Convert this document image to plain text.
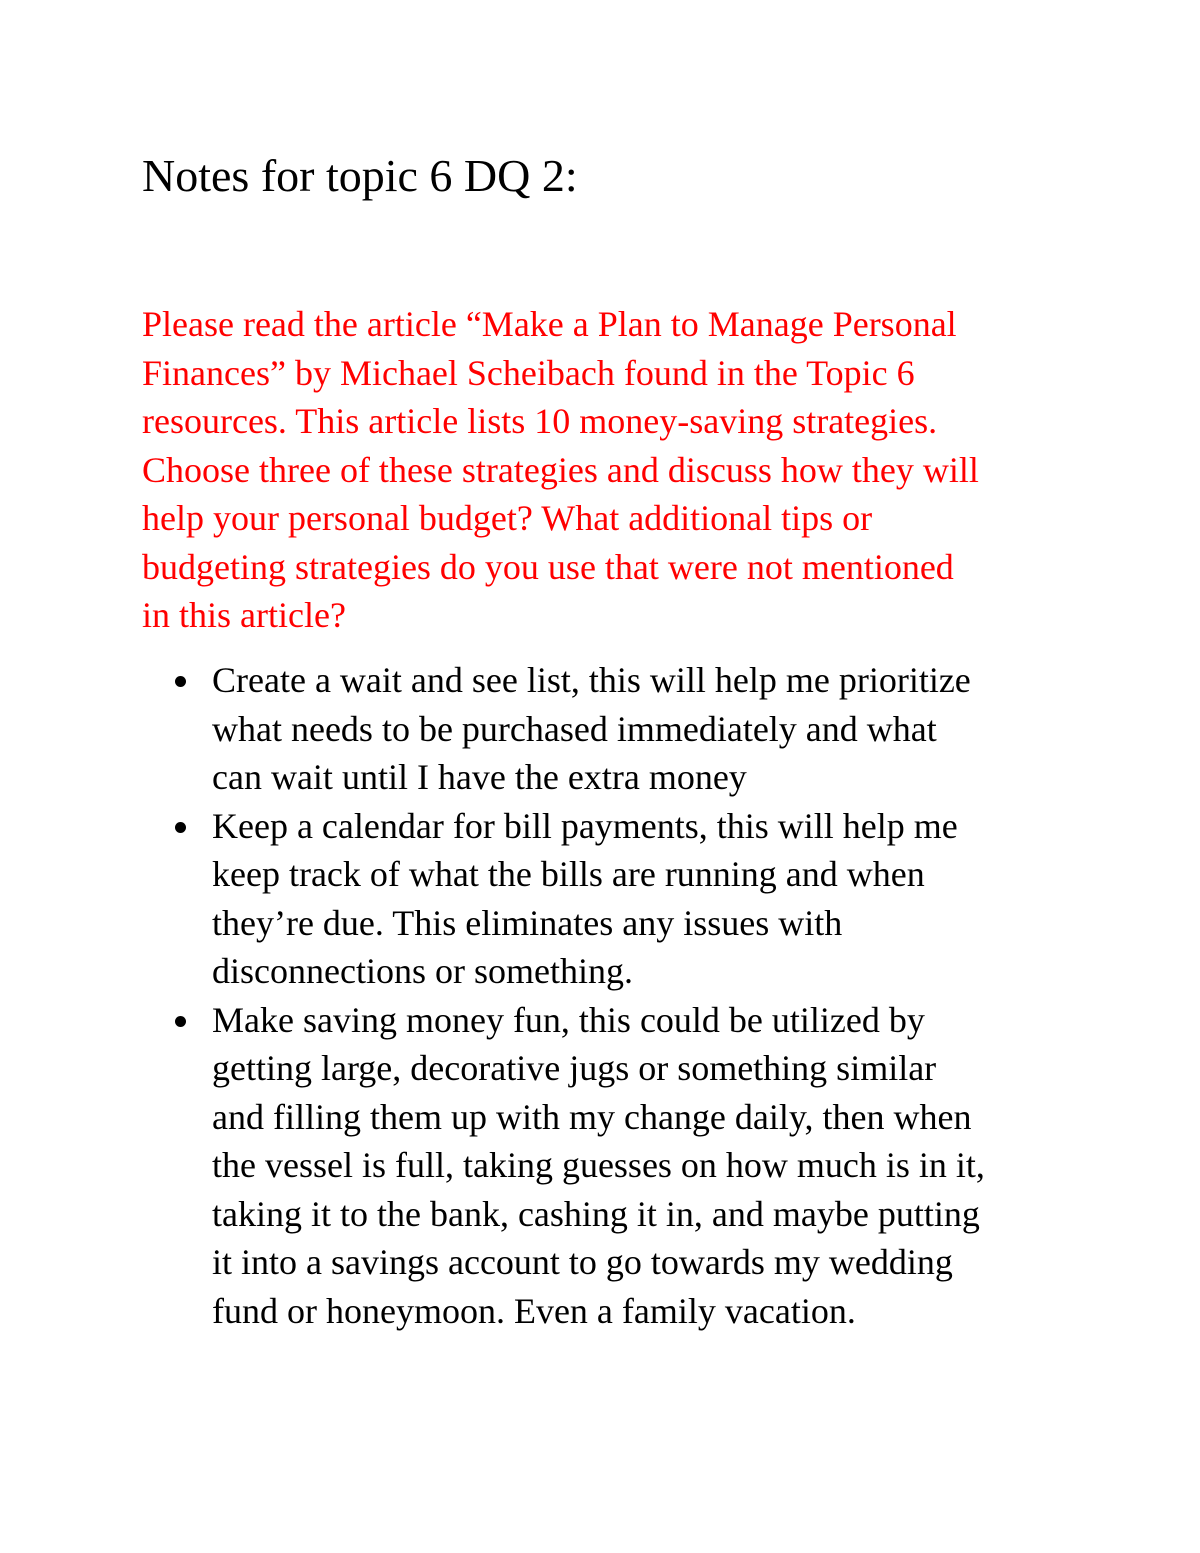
Notes for topic 6 DQ 2:

Please read the article “Make a Plan to Manage Personal
Finances” by Michael Scheibach found in the Topic 6
resources. This article lists 10 money-saving strategies.
Choose three of these strategies and discuss how they will
help your personal budget? What additional tips or
budgeting strategies do you use that were not mentioned
in this article?

Create a wait and see list, this will help me prioritize
what needs to be purchased immediately and what
can wait until I have the extra money
Keep a calendar for bill payments, this will help me
keep track of what the bills are running and when
they’re due. This eliminates any issues with
disconnections or something.
Make saving money fun, this could be utilized by
getting large, decorative jugs or something similar
and filling them up with my change daily, then when
the vessel is full, taking guesses on how much is in it,
taking it to the bank, cashing it in, and maybe putting
it into a savings account to go towards my wedding
fund or honeymoon. Even a family vacation.
